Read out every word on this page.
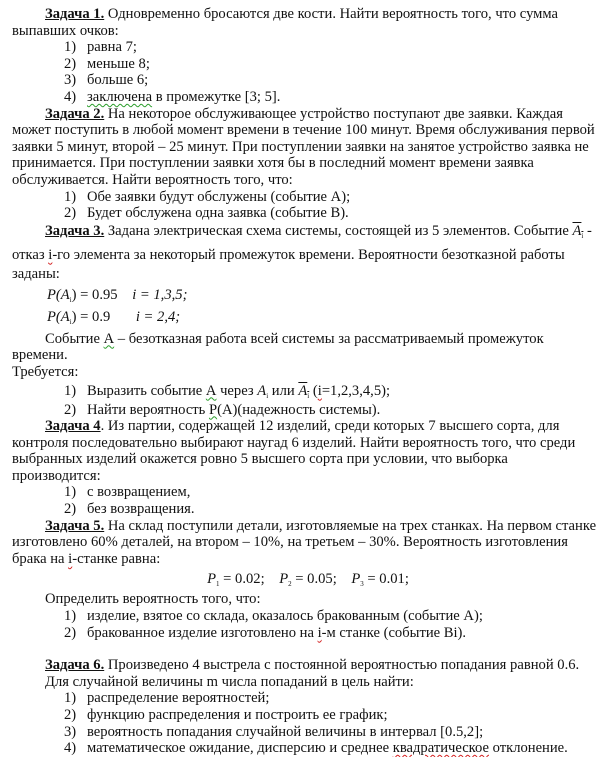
Задача 1. Одновременно бросаются две кости. Найти вероятность того, что сумма выпавших очков:

1) равна 7;
2) меньше 8;
3) больше 6;
4) заключена в промежутке [3; 5].

Задача 2. На некоторое обслуживающее устройство поступают две заявки. Каждая может поступить в любой момент времени в течение 100 минут. Время обслуживания первой заявки 5 минут, второй – 25 минут. При поступлении заявки на занятое устройство заявка не принимается. При поступлении заявки хотя бы в последний момент времени заявка обслуживается. Найти вероятность того, что:

1) Обе заявки будут обслужены (событие А);
2) Будет обслужена одна заявка (событие В).

Задача 3. Задана электрическая схема системы, состоящей из 5 элементов. Событие $A_i$ - отказ i-го элемента за некоторый промежуток времени. Вероятности безотказной работы заданы:

$P(A_i) = 0.95$ i = 1,3,5;
$P(A_i) = 0.9$ i = 2,4;

Событие А – безотказная работа всей системы за рассматриваемый промежуток времени.

Требуется:

1) Выразить событие А через $A_i$ или $A_i$ (i=1,2,3,4,5);
2) Найти вероятность Р(А)(надежность системы).

Задача 4. Из партии, содержащей 12 изделий, среди которых 7 высшего сорта, для контроля последовательно выбирают наугад 6 изделий. Найти вероятность того, что среди выбранных изделий окажется ровно 5 высшего сорта при условии, что выборка производится:

1) с возвращением,
2) без возвращения.

Задача 5. На склад поступили детали, изготовляемые на трех станках. На первом станке изготовлено 60% деталей, на втором – 10%, на третьем – 30%. Вероятность изготовления брака на i-станке равна:

$P_1 = 0.02$; $P_2 = 0.05$; $P_3 = 0.01$;

Определить вероятность того, что:

1) изделие, взятое со склада, оказалось бракованным (событие А);
2) бракованное изделие изготовлено на i-м станке (событие Вi).

Задача 6. Произведено 4 выстрела с постоянной вероятностью попадания равной 0.6. Для случайной величины m числа попаданий в цель найти:

1) распределение вероятностей;
2) функцию распределения и построить ее график;
3) вероятность попадания случайной величины в интервал [0.5,2];
4) математическое ожидание, дисперсию и среднее квадратическое отклонение.
